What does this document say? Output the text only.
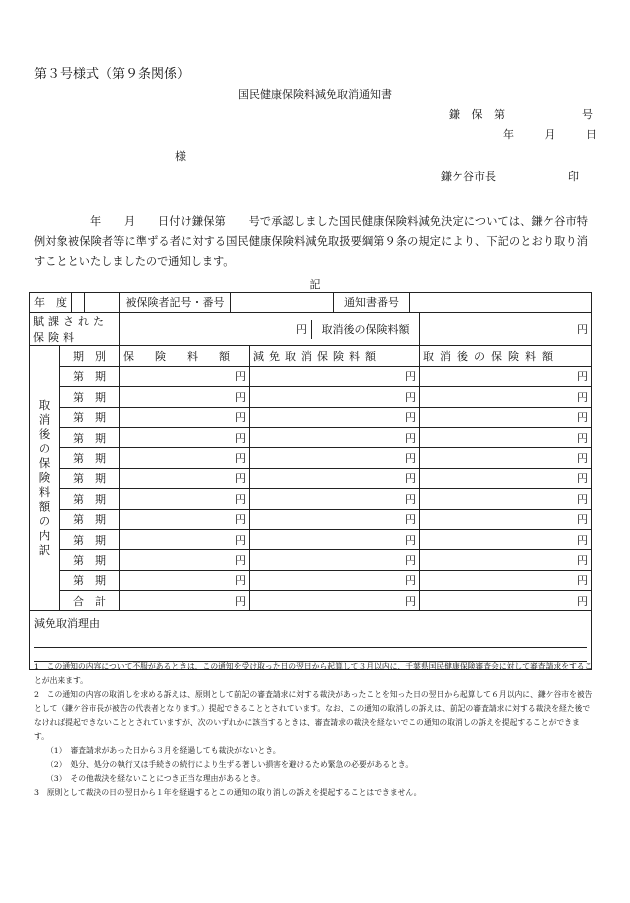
第３号様式（第９条関係）
国民健康保険料減免取消通知書
鎌 保 第	号
年	月	日
様
鎌ケ谷市長	印

年　　月　　日付け鎌保第　　号で承認しました国民健康保険料減免決定については、鎌ケ谷市特例対象被保険者等に準ずる者に対する国民健康保険料減免取扱要綱第９条の規定により、下記のとおり取り消すことといたしましたので通知します。

記
年　度		被保険者記号・番号 通知書番号		

賦課された保険料		円 取消後の保険料額		円
取消後の保険料額の内訳	期　別	保　険　料　額	減免取消保険料額	取消後の保険料額
	第　期	円	円	円
	第　期	円	円	円
	第　期	円	円	円
	第　期	円	円	円
	第　期	円	円	円
	第　期	円	円	円
	第　期	円	円	円
	第　期	円	円	円
	第　期	円	円	円
	第　期	円	円	円
	第　期	円	円	円
	合　計	円	円	円

減免取消理由				
1　この通知の内容について不服があるときは、この通知を受け取った日の翌日から起算して３月以内に、千葉県国民健康保険審査会に対して審査請求をすることが出来ます。
2　この通知の内容の取消しを求める訴えは、原則として前記の審査請求に対する裁決があったことを知った日の翌日から起算して６月以内に、鎌ケ谷市を被告として（鎌ケ谷市長が被告の代表者となります。）提起できることとされています。なお、この通知の取消しの訴えは、前記の審査請求に対する裁決を経た後でなければ提起できないこととされていますが、次のいずれかに該当するときは、審査請求の裁決を経ないでこの通知の取消しの訴えを提起することができます。
（1）　審査請求があった日から３月を経過しても裁決がないとき。
（2）　処分、処分の執行又は手続きの続行により生ずる著しい損害を避けるため緊急の必要があるとき。
（3）　その他裁決を経ないことにつき正当な理由があるとき。
3　原則として裁決の日の翌日から１年を経過するとこの通知の取り消しの訴えを提起することはできません。
